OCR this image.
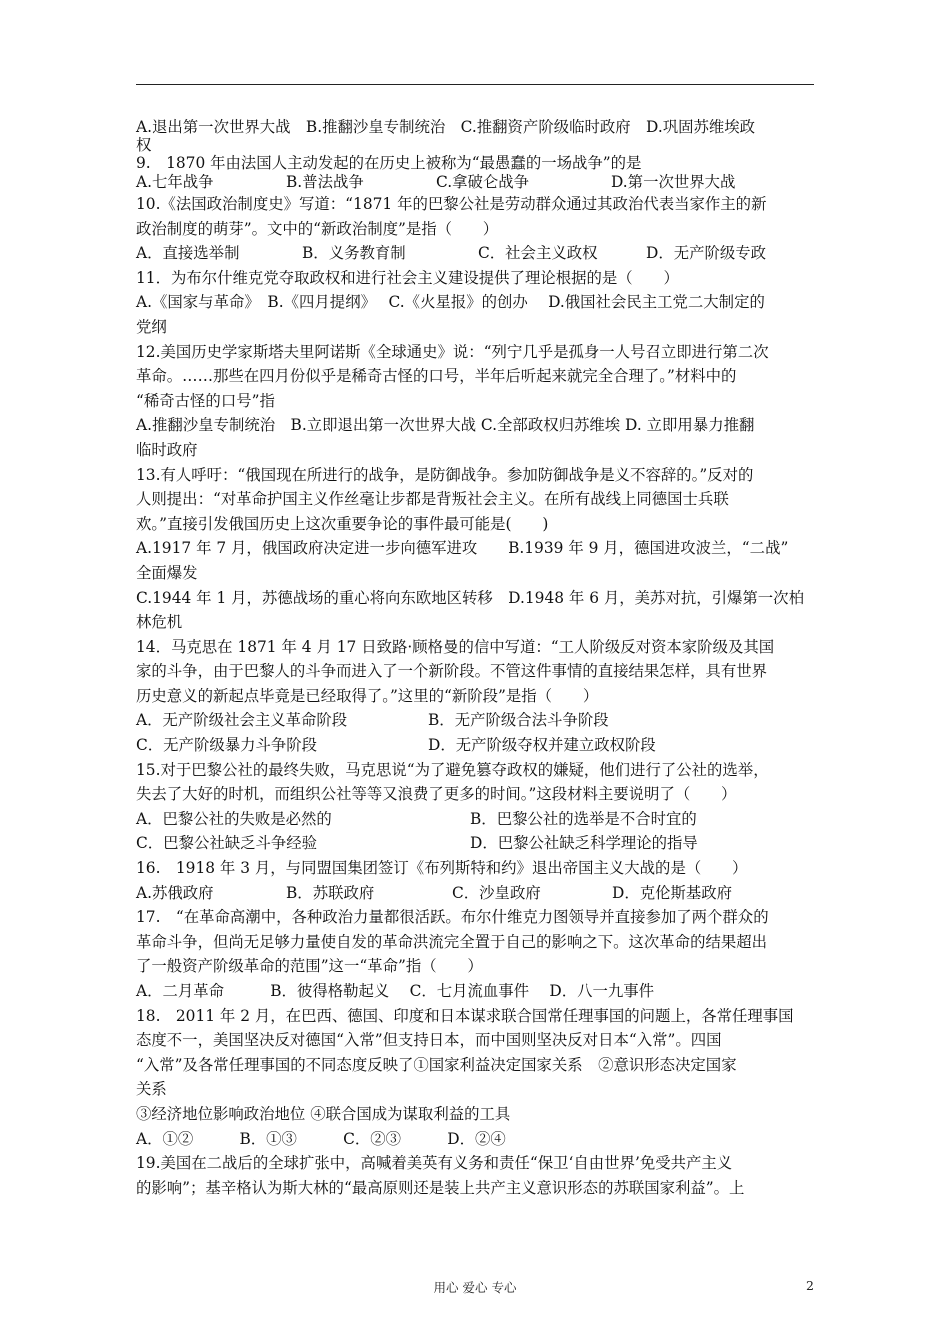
A.退出第一次世界大战　B.推翻沙皇专制统治　C.推翻资产阶级临时政府　D.巩固苏维埃政
权
9.　1870 年由法国人主动发起的在历史上被称为“最愚蠢的一场战争”的是
A.七年战争	B.普法战争	C.拿破仑战争	D.第一次世界大战
10.《法国政治制度史》写道：“1871 年的巴黎公社是劳动群众通过其政治代表当家作主的新
政治制度的萌芽”。文中的“新政治制度”是指（　　）
A．直接选举制	B．义务教育制	C．社会主义政权	D．无产阶级专政
11．为布尔什维克党夺取政权和进行社会主义建设提供了理论根据的是（　　）
A.《国家与革命》　B.《四月提纲》　 C.《火星报》的创办　 D.俄国社会民主工党二大制定的
党纲
12.美国历史学家斯塔夫里阿诺斯《全球通史》说：“列宁几乎是孤身一人号召立即进行第二次
革命。……那些在四月份似乎是稀奇古怪的口号，半年后听起来就完全合理了。”材料中的
“稀奇古怪的口号”指
A.推翻沙皇专制统治　B.立即退出第一次世界大战 C.全部政权归苏维埃 D. 立即用暴力推翻
临时政府
13.有人呼吁：“俄国现在所进行的战争，是防御战争。参加防御战争是义不容辞的。”反对的
人则提出：“对革命护国主义作丝毫让步都是背叛社会主义。在所有战线上同德国士兵联
欢。”直接引发俄国历史上这次重要争论的事件最可能是(　　)
A.1917 年 7 月，俄国政府决定进一步向德军进攻　　B.1939 年 9 月，德国进攻波兰，“二战”
全面爆发
C.1944 年 1 月，苏德战场的重心将向东欧地区转移　D.1948 年 6 月，美苏对抗，引爆第一次柏
林危机
14．马克思在 1871 年 4 月 17 日致路·顾格曼的信中写道：“工人阶级反对资本家阶级及其国
家的斗争，由于巴黎人的斗争而进入了一个新阶段。不管这件事情的直接结果怎样，具有世界
历史意义的新起点毕竟是已经取得了。”这里的“新阶段”是指（　　）
A．无产阶级社会主义革命阶段	B．无产阶级合法斗争阶段
C．无产阶级暴力斗争阶段	D．无产阶级夺权并建立政权阶段
15.对于巴黎公社的最终失败，马克思说“为了避免篡夺政权的嫌疑，他们进行了公社的选举，
失去了大好的时机，而组织公社等等又浪费了更多的时间。”这段材料主要说明了（　　）
A．巴黎公社的失败是必然的	B．巴黎公社的选举是不合时宜的
C．巴黎公社缺乏斗争经验	D．巴黎公社缺乏科学理论的指导
16.　1918 年 3 月，与同盟国集团签订《布列斯特和约》退出帝国主义大战的是（　　）
A.苏俄政府	B．苏联政府	C．沙皇政府	D．克伦斯基政府
17.　“在革命高潮中，各种政治力量都很活跃。布尔什维克力图领导并直接参加了两个群众的
革命斗争，但尚无足够力量使自发的革命洪流完全置于自己的影响之下。这次革命的结果超出
了一般资产阶级革命的范围”这一“革命”指（　　）
A．二月革命　　　B．彼得格勒起义　 C．七月流血事件　 D．八一九事件
18.　2011 年 2 月，在巴西、德国、印度和日本谋求联合国常任理事国的问题上，各常任理事国
态度不一，美国坚决反对德国“入常”但支持日本，而中国则坚决反对日本“入常”。四国
“入常”及各常任理事国的不同态度反映了①国家利益决定国家关系　②意识形态决定国家
关系
③经济地位影响政治地位 ④联合国成为谋取利益的工具
A．①②　　　B．①③　　　C．②③　　　D．②④
19.美国在二战后的全球扩张中，高喊着美英有义务和责任“保卫‘自由世界’免受共产主义
的影响”；基辛格认为斯大林的“最高原则还是装上共产主义意识形态的苏联国家利益”。上
用心 爱心 专心	2
